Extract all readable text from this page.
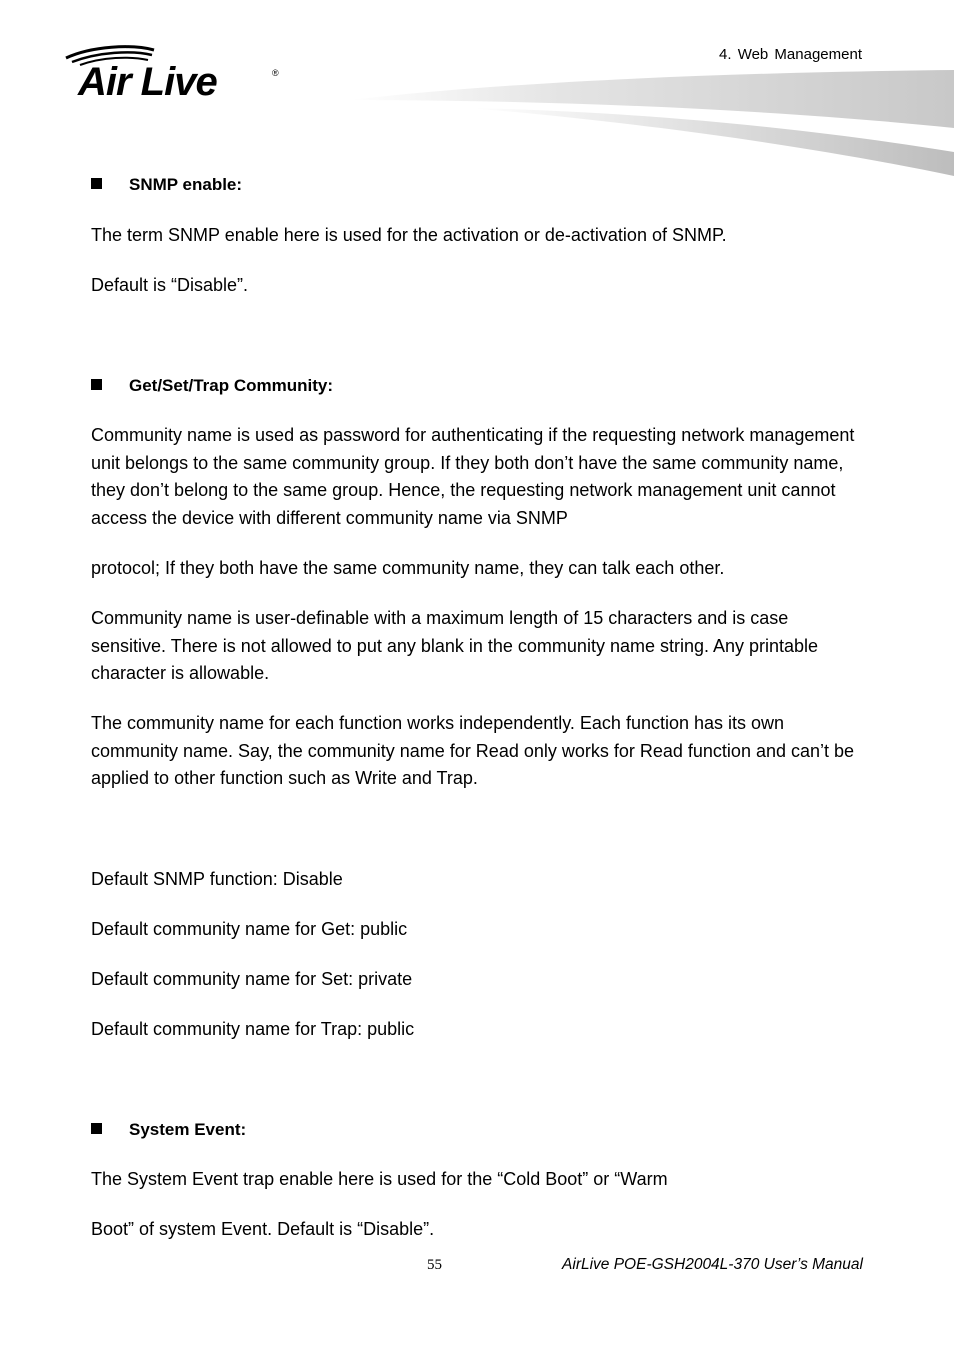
Air Live	®
4. Web Management
SNMP enable:

The term SNMP enable here is used for the activation or de-activation of SNMP.

Default is “Disable”.

Get/Set/Trap Community:

Community name is used as password for authenticating if the requesting network management unit belongs to the same community group. If they both don’t have the same community name, they don’t belong to the same group. Hence, the requesting network management unit cannot access the device with different community name via SNMP

protocol; If they both have the same community name, they can talk each other.

Community name is user-definable with a maximum length of 15 characters and is case sensitive. There is not allowed to put any blank in the community name string. Any printable character is allowable.

The community name for each function works independently. Each function has its own community name. Say, the community name for Read only works for Read function and can’t be applied to other function such as Write and Trap.

Default SNMP function: Disable

Default community name for Get: public

Default community name for Set: private

Default community name for Trap: public

System Event:

The System Event trap enable here is used for the “Cold Boot” or “Warm

Boot” of system Event. Default is “Disable”.

55	AirLive POE-GSH2004L-370 User’s Manual
